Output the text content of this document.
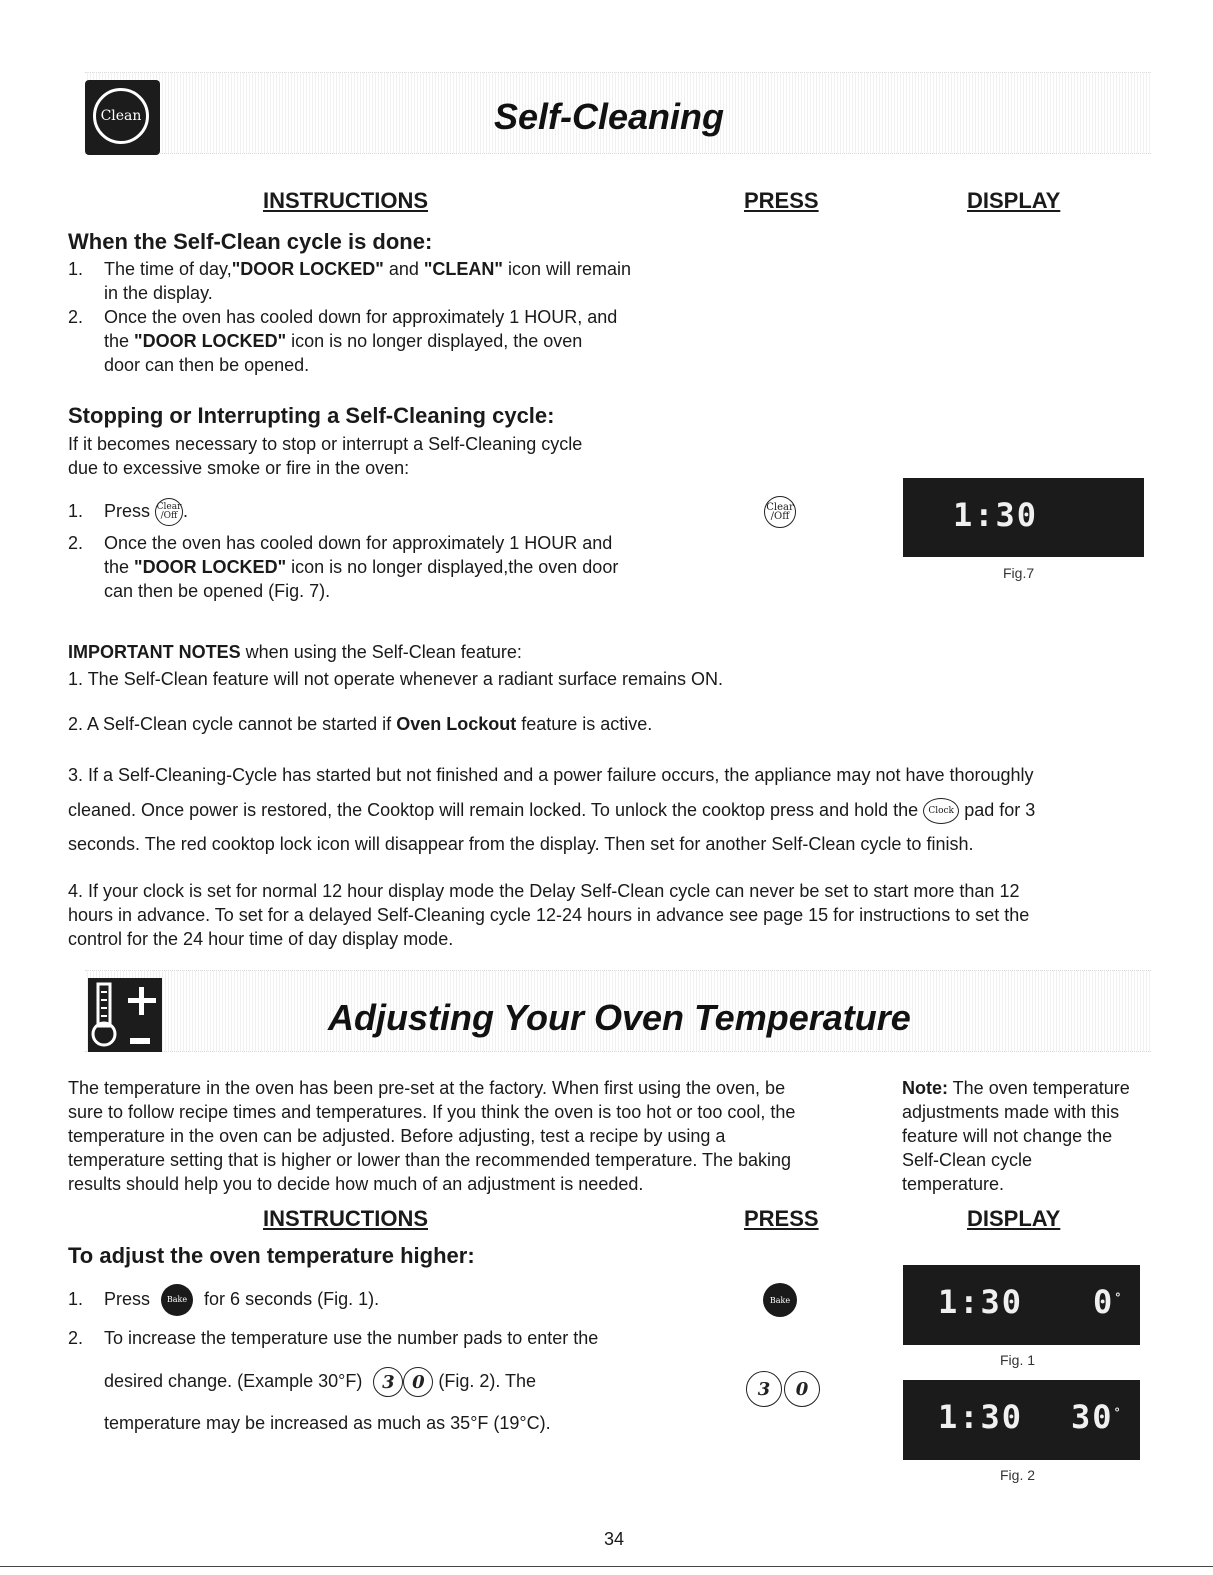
Clean	Self-Cleaning
INSTRUCTIONS	PRESS	DISPLAY
When the Self-Clean cycle is done:
1. The time of day,"DOOR LOCKED" and "CLEAN" icon will remain
in the display.
2. Once the oven has cooled down for approximately 1 HOUR, and
the "DOOR LOCKED" icon is no longer displayed, the oven
door can then be opened.
Stopping or Interrupting a Self-Cleaning cycle:
If it becomes necessary to stop or interrupt a Self-Cleaning cycle
due to excessive smoke or fire in the oven:
1. Press Clear
/Off .
2. Once the oven has cooled down for approximately 1 HOUR and
the "DOOR LOCKED" icon is no longer displayed,the oven door
can then be opened (Fig. 7).
Clear
/Off	1:30
Fig.7
IMPORTANT NOTES when using the Self-Clean feature:
1. The Self-Clean feature will not operate whenever a radiant surface remains ON.
2. A Self-Clean cycle cannot be started if Oven Lockout feature is active.
3. If a Self-Cleaning-Cycle has started but not finished and a power failure occurs, the appliance may not have thoroughly
cleaned. Once power is restored, the Cooktop will remain locked. To unlock the cooktop press and hold the Clock pad for 3
seconds. The red cooktop lock icon will disappear from the display. Then set for another Self-Clean cycle to finish.
4. If your clock is set for normal 12 hour display mode the Delay Self-Clean cycle can never be set to start more than 12
hours in advance. To set for a delayed Self-Cleaning cycle 12-24 hours in advance see page 15 for instructions to set the
control for the 24 hour time of day display mode.
Adjusting Your Oven Temperature
The temperature in the oven has been pre-set at the factory. When first using the oven, be
sure to follow recipe times and temperatures. If you think the oven is too hot or too cool, the
temperature in the oven can be adjusted. Before adjusting, test a recipe by using a
temperature setting that is higher or lower than the recommended temperature. The baking
results should help you to decide how much of an adjustment is needed.
Note: The oven temperature
adjustments made with this
feature will not change the
Self-Clean cycle
temperature.
INSTRUCTIONS	PRESS	DISPLAY
To adjust the oven temperature higher:
1. Press Bake for 6 seconds (Fig. 1).
2. To increase the temperature use the number pads to enter the
desired change. (Example 30°F) 3 0 (Fig. 2). The
temperature may be increased as much as 35°F (19°C).
Bake
3	0
1:30 0°
Fig. 1
1:30 30°
Fig. 2
34
